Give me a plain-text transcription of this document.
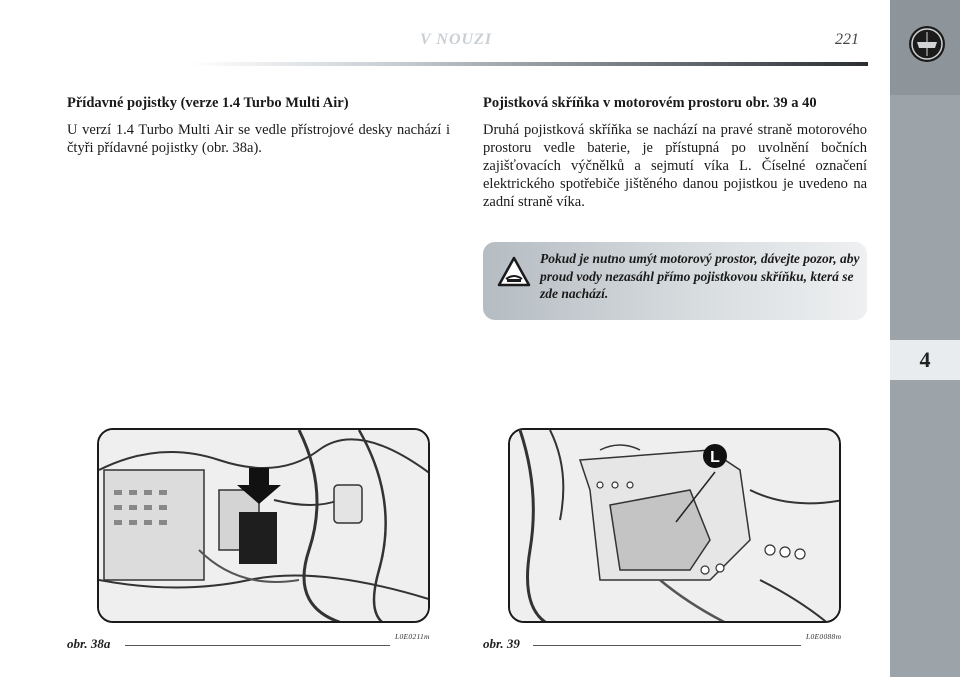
4
V NOUZI	221
Přídavné pojistky (verze 1.4 Turbo Multi Air)
U verzí 1.4 Turbo Multi Air se vedle přístrojové desky nachází i čtyři přídavné pojistky (obr. 38a).
Pojistková skříňka v motorovém prostoru obr. 39 a 40
Druhá pojistková skříňka se nachází na pravé straně motorového prostoru vedle baterie, je přístupná po uvolnění bočních zajišťovacích výčnělků a sejmutí víka L. Číselné označení elektrického spotřebiče jištěného danou pojistkou je uvedeno na zadní straně víka.
Pokud je nutno umýt motorový prostor, dávejte pozor, aby proud vody nezasáhl přímo pojistkovou skříňku, která se zde nachází.
obr. 38a	L0E0211m
L
obr. 39	L0E0088m
